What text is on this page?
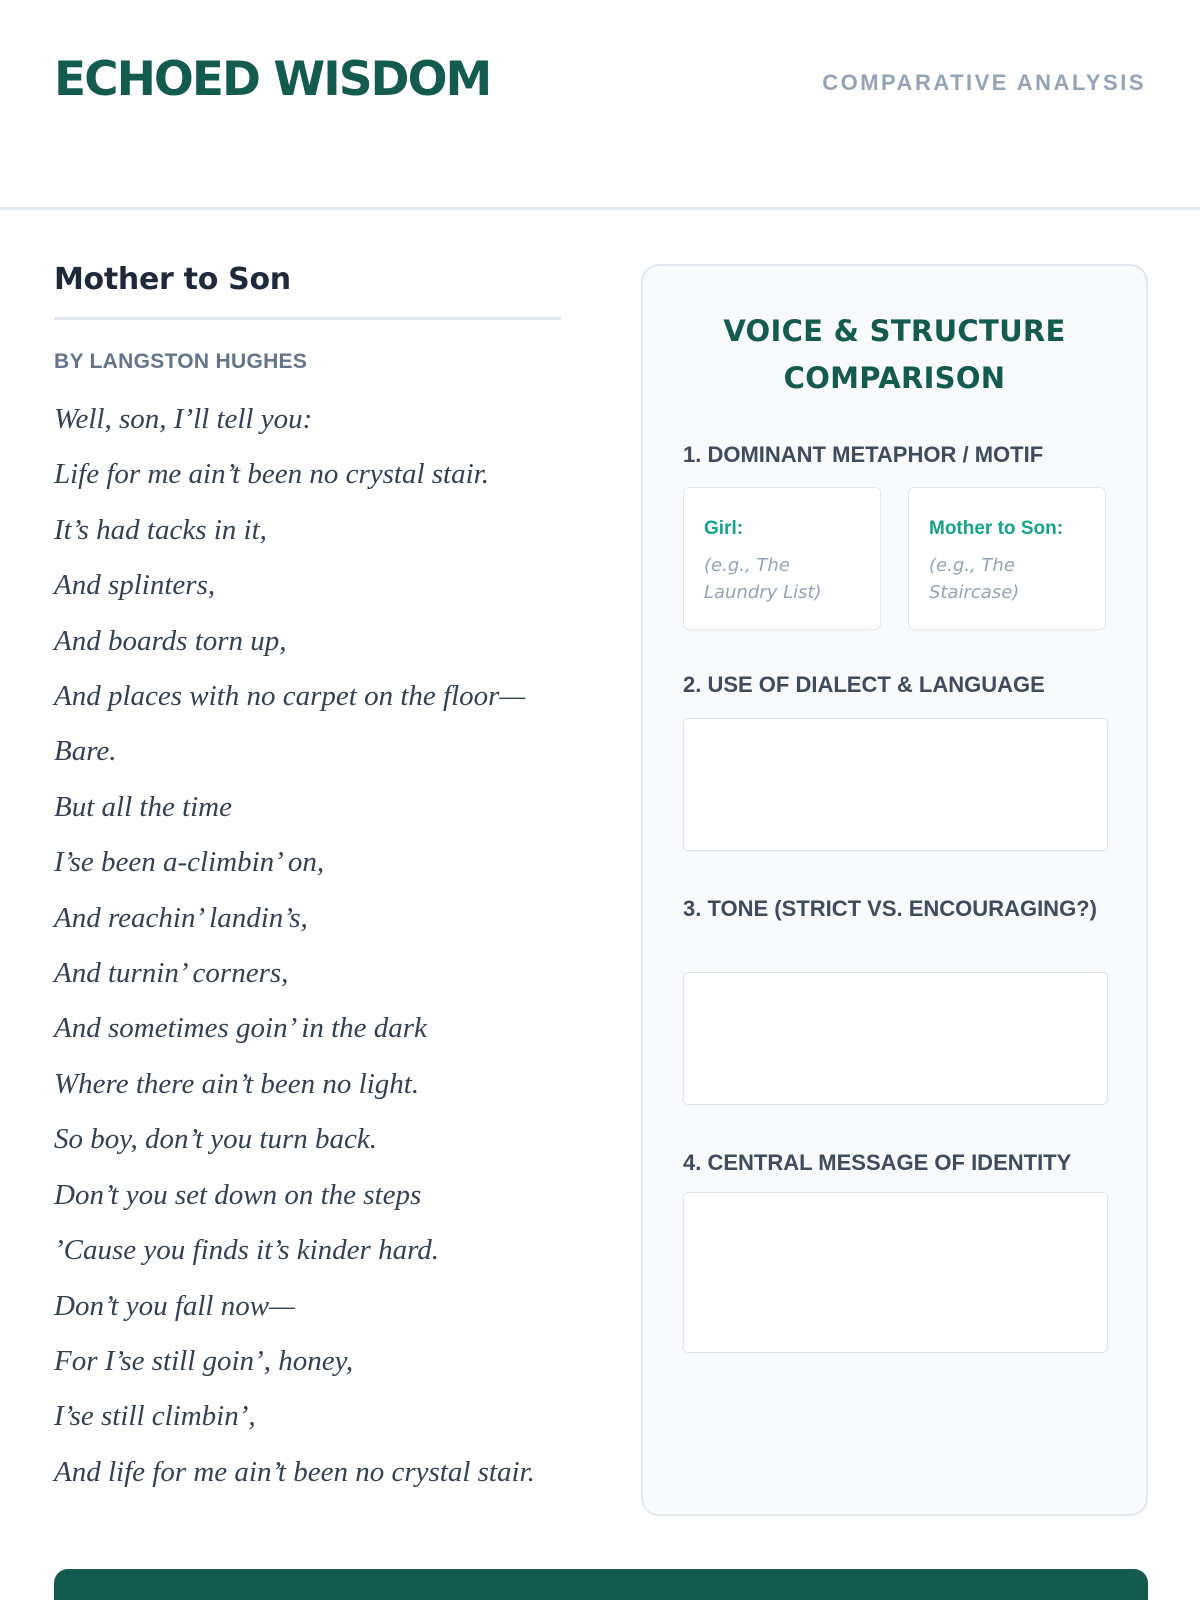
ECHOED WISDOM	COMPARATIVE ANALYSIS
Mother to Son
BY LANGSTON HUGHES
Well, son, I’ll tell you:
Life for me ain’t been no crystal stair.
It’s had tacks in it,
And splinters,
And boards torn up,
And places with no carpet on the floor—
Bare.
But all the time
I’se been a-climbin’ on,
And reachin’ landin’s,
And turnin’ corners,
And sometimes goin’ in the dark
Where there ain’t been no light.
So boy, don’t you turn back.
Don’t you set down on the steps
’Cause you finds it’s kinder hard.
Don’t you fall now—
For I’se still goin’, honey,
I’se still climbin’,
And life for me ain’t been no crystal stair.
VOICE & STRUCTURE
COMPARISON
1. DOMINANT METAPHOR / MOTIF
Girl:
(e.g., The Laundry List)
Mother to Son:
(e.g., The Staircase)
2. USE OF DIALECT & LANGUAGE
3. TONE (STRICT VS. ENCOURAGING?)
4. CENTRAL MESSAGE OF IDENTITY
